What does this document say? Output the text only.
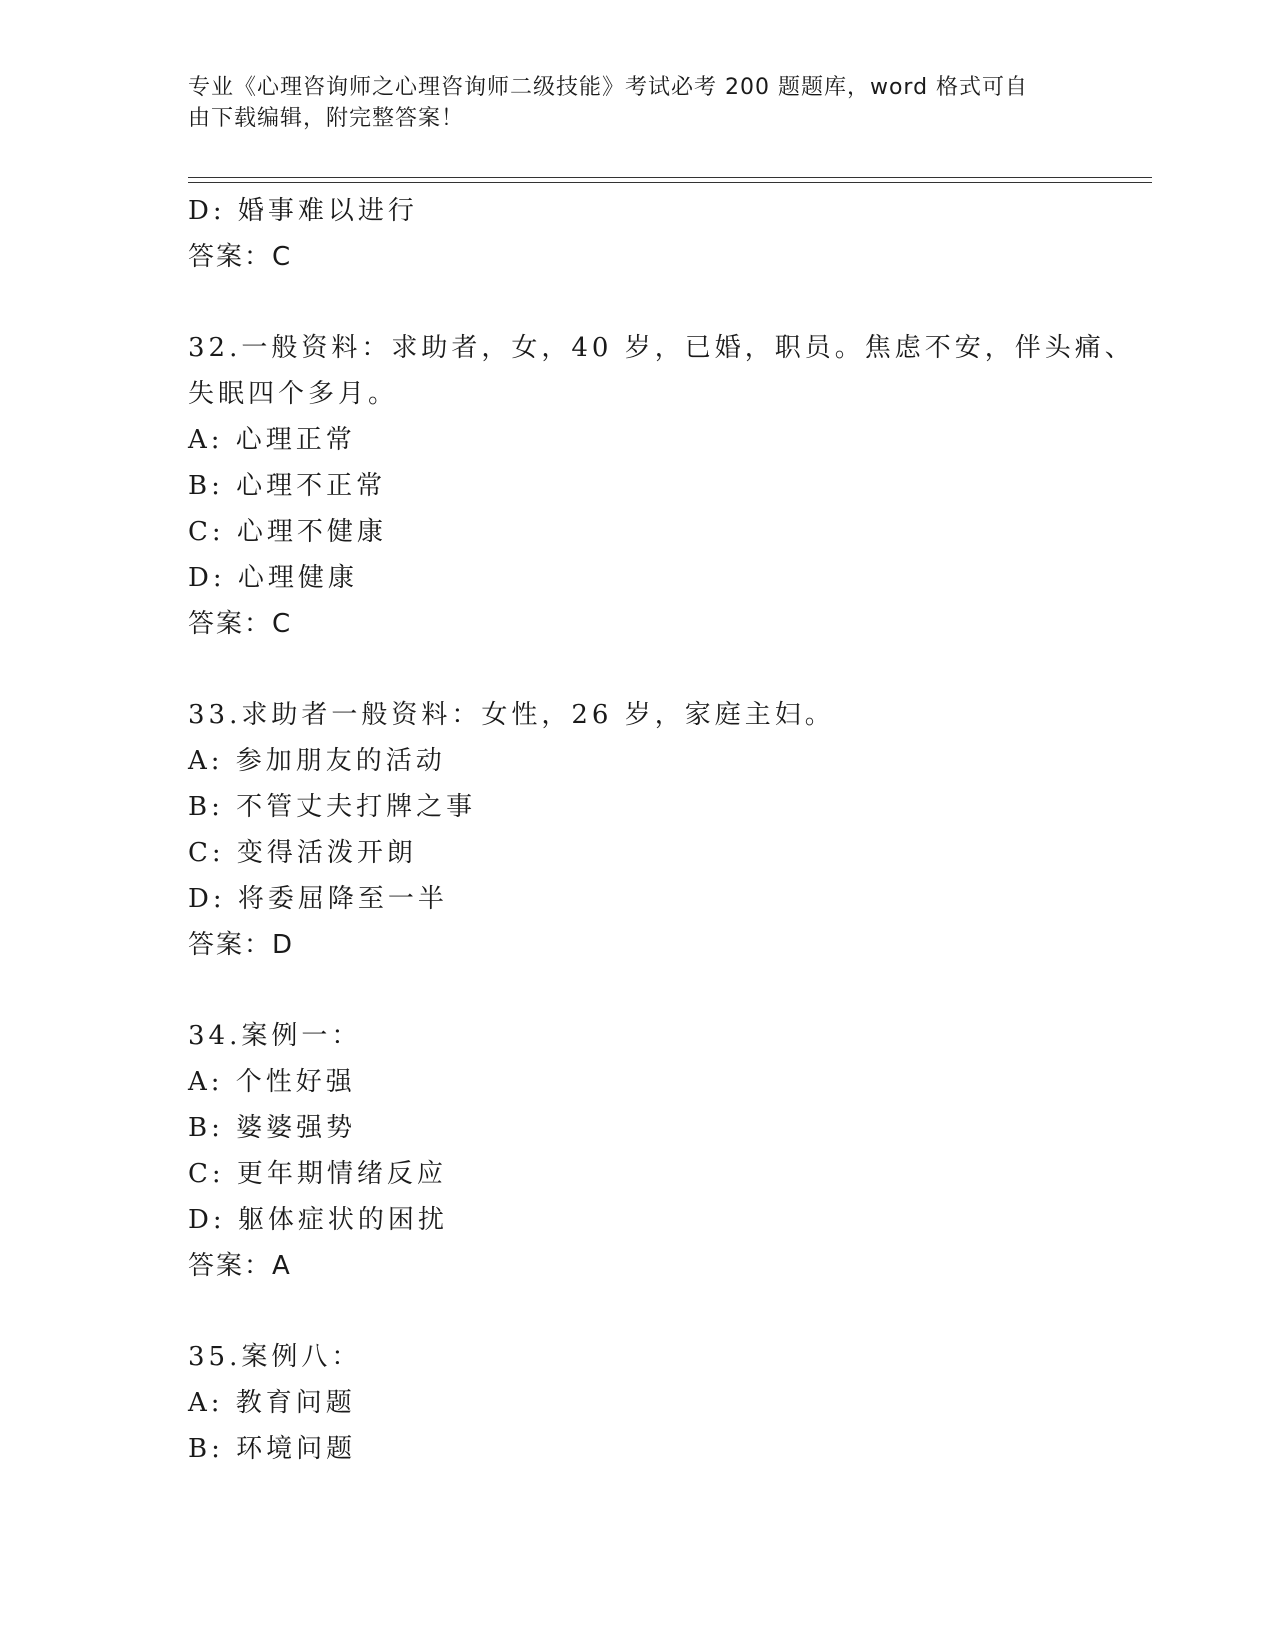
专业《心理咨询师之心理咨询师二级技能》考试必考 200 题题库，word 格式可自
由下载编辑，附完整答案！
D: 婚事难以进行
答案：C
32.一般资料：求助者，女，40 岁，已婚，职员。焦虑不安，伴头痛、
失眠四个多月。
A: 心理正常
B: 心理不正常
C: 心理不健康
D: 心理健康
答案：C
33.求助者一般资料：女性，26 岁，家庭主妇。
A: 参加朋友的活动
B: 不管丈夫打牌之事
C: 变得活泼开朗
D: 将委屈降至一半
答案：D
34.案例一：
A: 个性好强
B: 婆婆强势
C: 更年期情绪反应
D: 躯体症状的困扰
答案：A
35.案例八：
A: 教育问题
B: 环境问题
